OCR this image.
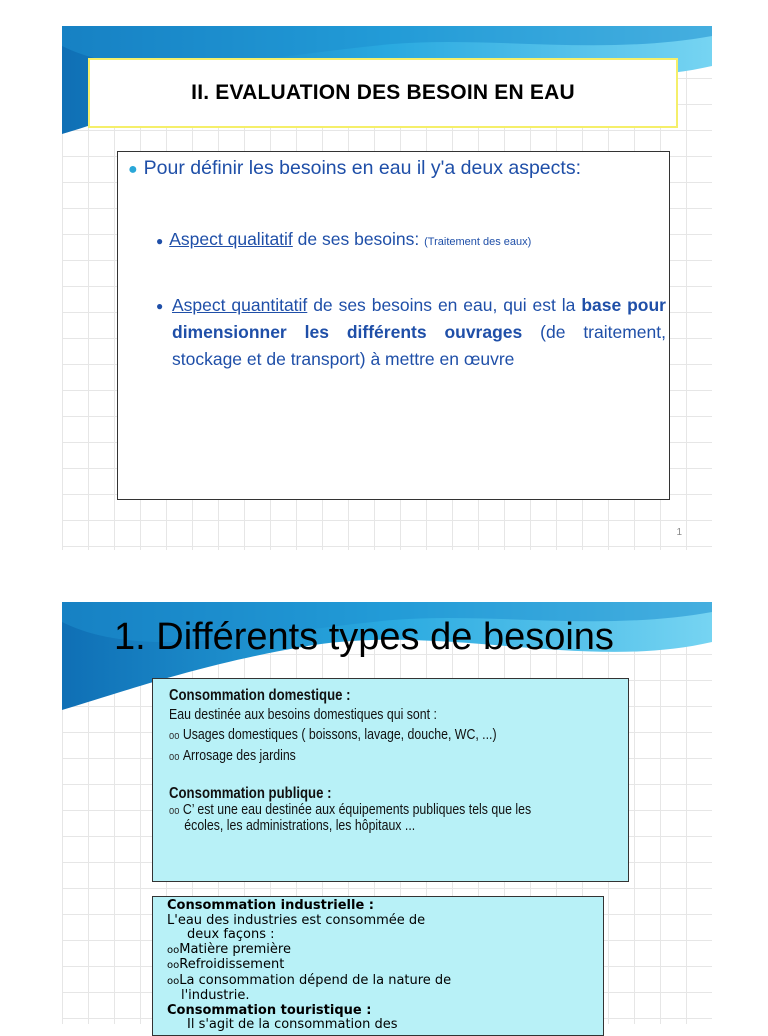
II. EVALUATION DES BESOIN EN EAU
● Pour définir les besoins en eau il y'a deux aspects:
● Aspect qualitatif de ses besoins: (Traitement des eaux)
● Aspect quantitatif de ses besoins en eau, qui est la base pour dimensionner les différents ouvrages (de traitement, stockage et de transport) à mettre en œuvre
1
1. Différents types de besoins
Consommation domestique :
Eau destinée aux besoins domestiques qui sont :
oo Usages domestiques ( boissons, lavage, douche, WC, ...)
oo Arrosage des jardins
Consommation publique :
oo C’ est une eau destinée aux équipements publiques tels que les
écoles, les administrations, les hôpitaux ...
Consommation industrielle :
L'eau des industries est consommée de
deux façons :
ooMatière première
ooRefroidissement
ooLa consommation dépend de la nature de
l'industrie.
Consommation touristique :
Il s'agit de la consommation des
